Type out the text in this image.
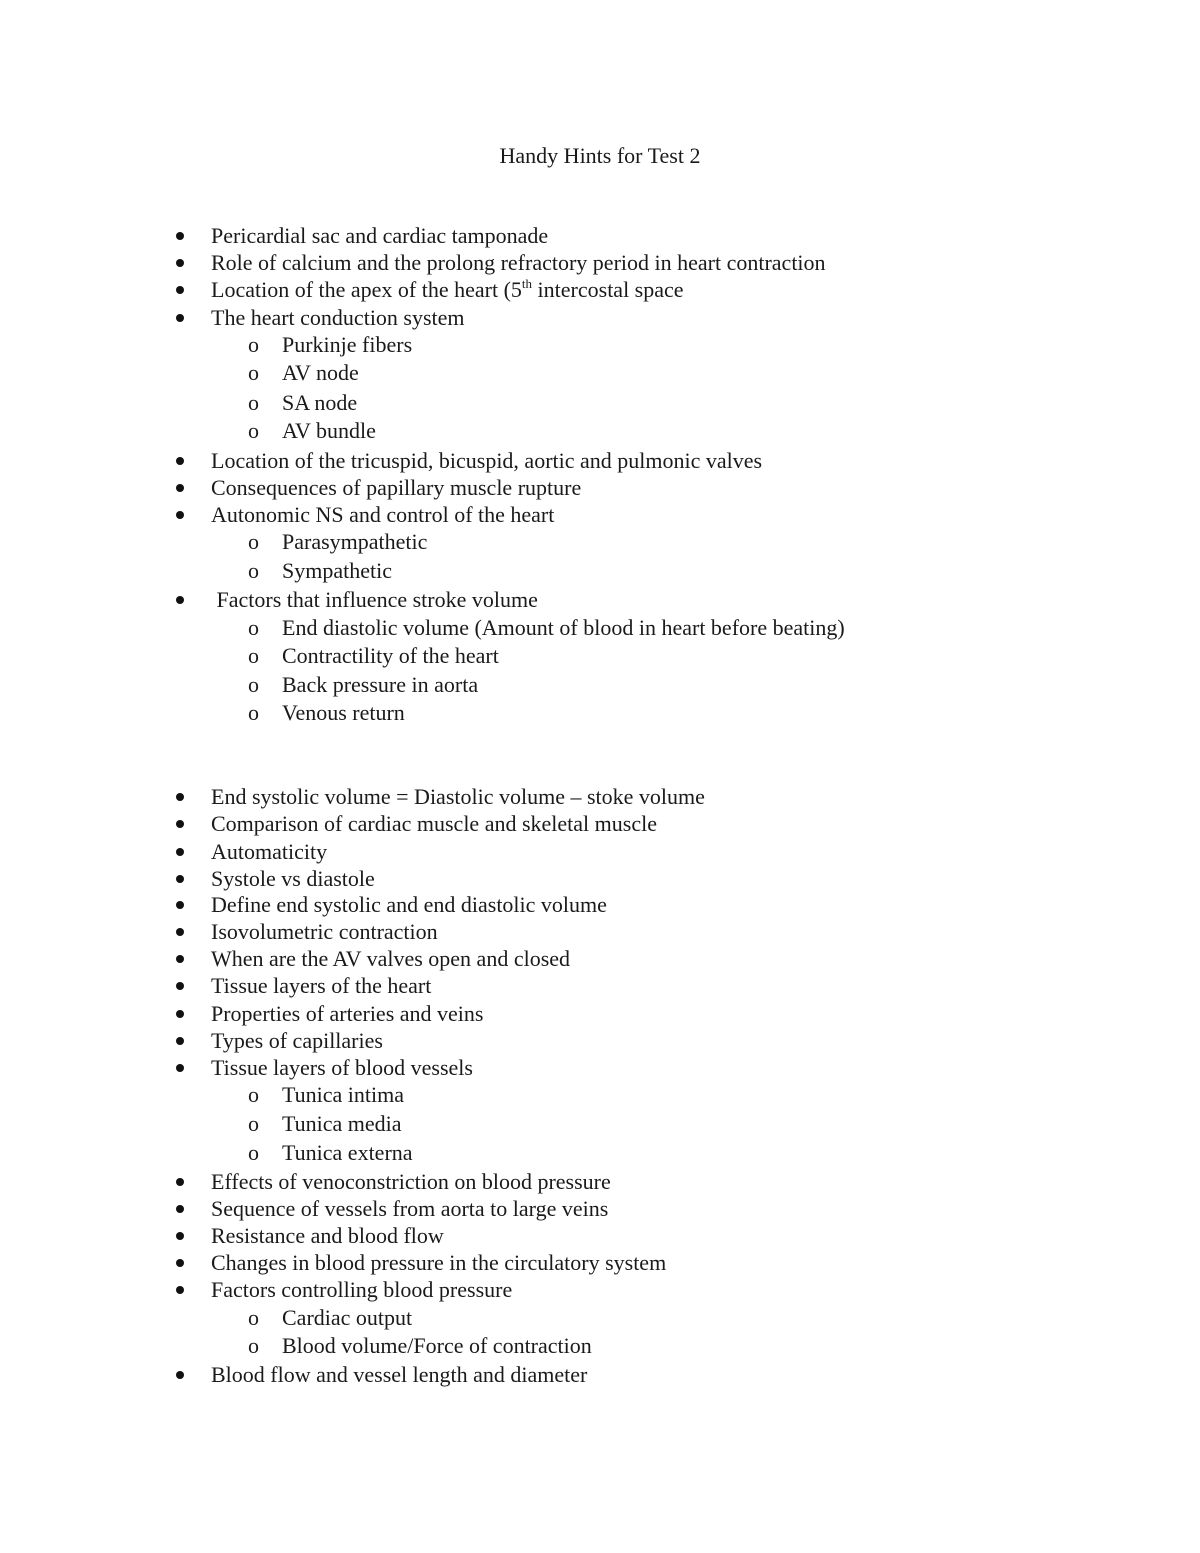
Handy Hints for Test 2
Pericardial sac and cardiac tamponade
Role of calcium and the prolong refractory period in heart contraction
Location of the apex of the heart (5th intercostal space
The heart conduction system
o Purkinje fibers
o AV node
o SA node
o AV bundle
Location of the tricuspid, bicuspid, aortic and pulmonic valves
Consequences of papillary muscle rupture
Autonomic NS and control of the heart
o Parasympathetic
o Sympathetic
Factors that influence stroke volume
o End diastolic volume (Amount of blood in heart before beating)
o Contractility of the heart
o Back pressure in aorta
o Venous return
End systolic volume = Diastolic volume – stoke volume
Comparison of cardiac muscle and skeletal muscle
Automaticity
Systole vs diastole
Define end systolic and end diastolic volume
Isovolumetric contraction
When are the AV valves open and closed
Tissue layers of the heart
Properties of arteries and veins
Types of capillaries
Tissue layers of blood vessels
o Tunica intima
o Tunica media
o Tunica externa
Effects of venoconstriction on blood pressure
Sequence of vessels from aorta to large veins
Resistance and blood flow
Changes in blood pressure in the circulatory system
Factors controlling blood pressure
o Cardiac output
o Blood volume/Force of contraction
Blood flow and vessel length and diameter
